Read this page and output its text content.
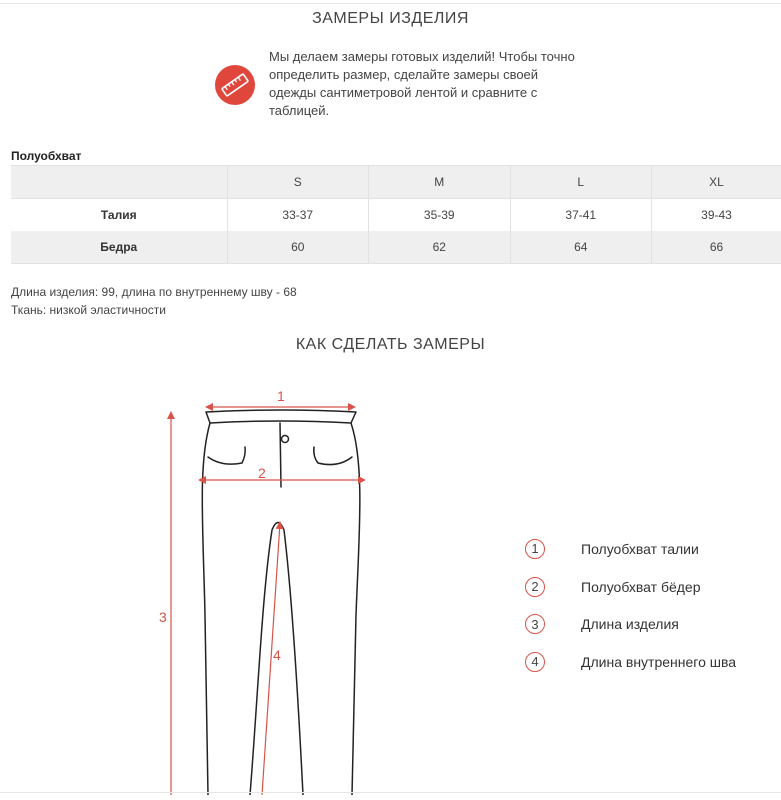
ЗАМЕРЫ ИЗДЕЛИЯ
Мы делаем замеры готовых изделий! Чтобы точно
определить размер, сделайте замеры своей
одежды сантиметровой лентой и сравните с
таблицей.
Полуобхват
	S	M	L	XL
Талия	33-37	35-39	37-41	39-43
Бедра	60	62	64	66
Длина изделия: 99, длина по внутреннему шву - 68
Ткань: низкой эластичности
КАК СДЕЛАТЬ ЗАМЕРЫ
1
2
3
4
1	Полуобхват талии
2	Полуобхват бёдер
3	Длина изделия
4	Длина внутреннего шва
